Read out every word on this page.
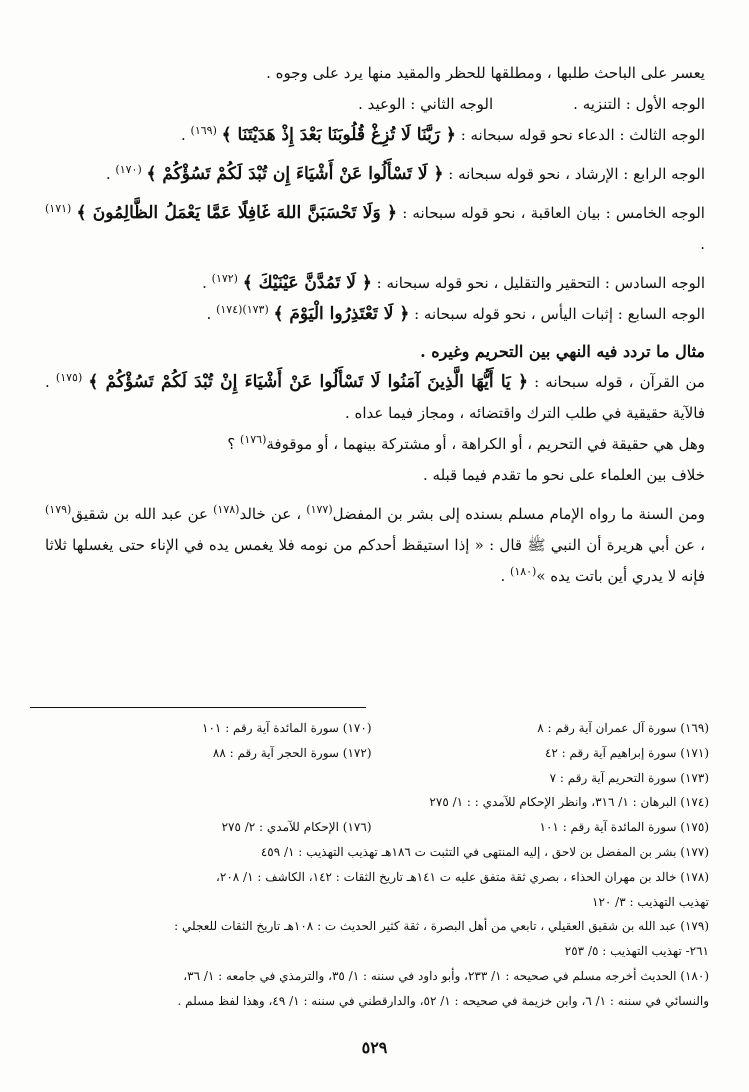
يعسر على الباحث طلبها ، ومطلقها للحظر والمقيد منها يرد على وجوه .

الوجه الأول : التنزيه .
الوجه الثاني : الوعيد .

الوجه الثالث : الدعاء نحو قوله سبحانه : ﴿ رَبَّنَا لَا تُزِغْ قُلُوبَنَا بَعْدَ إِذْ هَدَيْتَنَا ﴾ $^{(١٦٩)}$ .

الوجه الرابع : الإرشاد ، نحو قوله سبحانه : ﴿ لَا تَسْأَلُوا عَنْ أَشْيَاءَ إِن تُبْدَ لَكُمْ تَسُؤْكُمْ ﴾ $^{(١٧٠)}$ .

الوجه الخامس : بيان العاقبة ، نحو قوله سبحانه : ﴿ وَلَا تَحْسَبَنَّ اللهَ غَافِلًا عَمَّا يَعْمَلُ الظَّالِمُونَ ﴾ $^{(١٧١)}$ .

الوجه السادس : التحقير والتقليل ، نحو قوله سبحانه : ﴿ لَا تَمُدَّنَّ عَيْنَيْكَ ﴾ $^{(١٧٢)}$ .

الوجه السابع : إثبات اليأس ، نحو قوله سبحانه : ﴿ لَا تَعْتَذِرُوا الْيَوْمَ ﴾ $^{(١٧٣)(١٧٤)}$ .

مثال ما تردد فيه النهي بين التحريم وغيره .

من القرآن ، قوله سبحانه : ﴿ يَا أَيُّهَا الَّذِينَ آمَنُوا لَا تَسْأَلُوا عَنْ أَشْيَاءَ إِنْ تُبْدَ لَكُمْ تَسُؤْكُمْ ﴾ $^{(١٧٥)}$ . فالآية حقيقية في طلب الترك واقتضائه ، ومجاز فيما عداه .

وهل هي حقيقة في التحريم ، أو الكراهة ، أو مشتركة بينهما ، أو موقوفة$^{(١٧٦)}$ ؟

خلاف بين العلماء على نحو ما تقدم فيما قبله .

ومن السنة ما رواه الإمام مسلم بسنده إلى بشر بن المفضل$^{(١٧٧)}$ ، عن خالد$^{(١٧٨)}$ عن عبد الله بن شقيق$^{(١٧٩)}$ ، عن أبي هريرة أن النبي ﷺ قال : « إذا استيقظ أحدكم من نومه فلا يغمس يده في الإناء حتى يغسلها ثلاثا فإنه لا يدري أين باتت يده »$^{(١٨٠)}$ .

(١٦٩) سورة آل عمران آية رقم : ٨
(١٧٠) سورة المائدة آية رقم : ١٠١
(١٧١) سورة إبراهيم آية رقم : ٤٢
(١٧٢) سورة الحجر آية رقم : ٨٨
(١٧٣) سورة التحريم آية رقم : ٧
(١٧٤) البرهان : ١/ ٣١٦، وانظر الإحكام للآمدي : : ١/ ٢٧٥
(١٧٥) سورة المائدة آية رقم : ١٠١
(١٧٦) الإحكام للآمدي : ٢/ ٢٧٥
(١٧٧) بشر بن المفضل بن لاحق ، إليه المنتهى في التثبت ت ١٨٦هـ تهذيب التهذيب : ١/ ٤٥٩
(١٧٨) خالد بن مهران الحذاء ، بصري ثقة متفق عليه ت ١٤١هـ تاريخ الثقات : ١٤٢، الكاشف : ١/ ٢٠٨،
تهذيب التهذيب : ٣/ ١٢٠
(١٧٩) عبد الله بن شقيق العقيلي ، تابعي من أهل البصرة ، ثقة كثير الحديث ت : ١٠٨هـ تاريخ الثقات للعجلي :
٢٦١- تهذيب التهذيب : ٥/ ٢٥٣
(١٨٠) الحديث أخرجه مسلم في صحيحه : ١/ ٢٣٣، وأبو داود في سننه : ١/ ٣٥، والترمذي في جامعه : ١/ ٣٦،
والنسائي في سننه : ١/ ٦، وابن خزيمة في صحيحه : ١/ ٥٢، والدارقطني في سننه : ١/ ٤٩، وهذا لفظ مسلم .
٥٢٩
